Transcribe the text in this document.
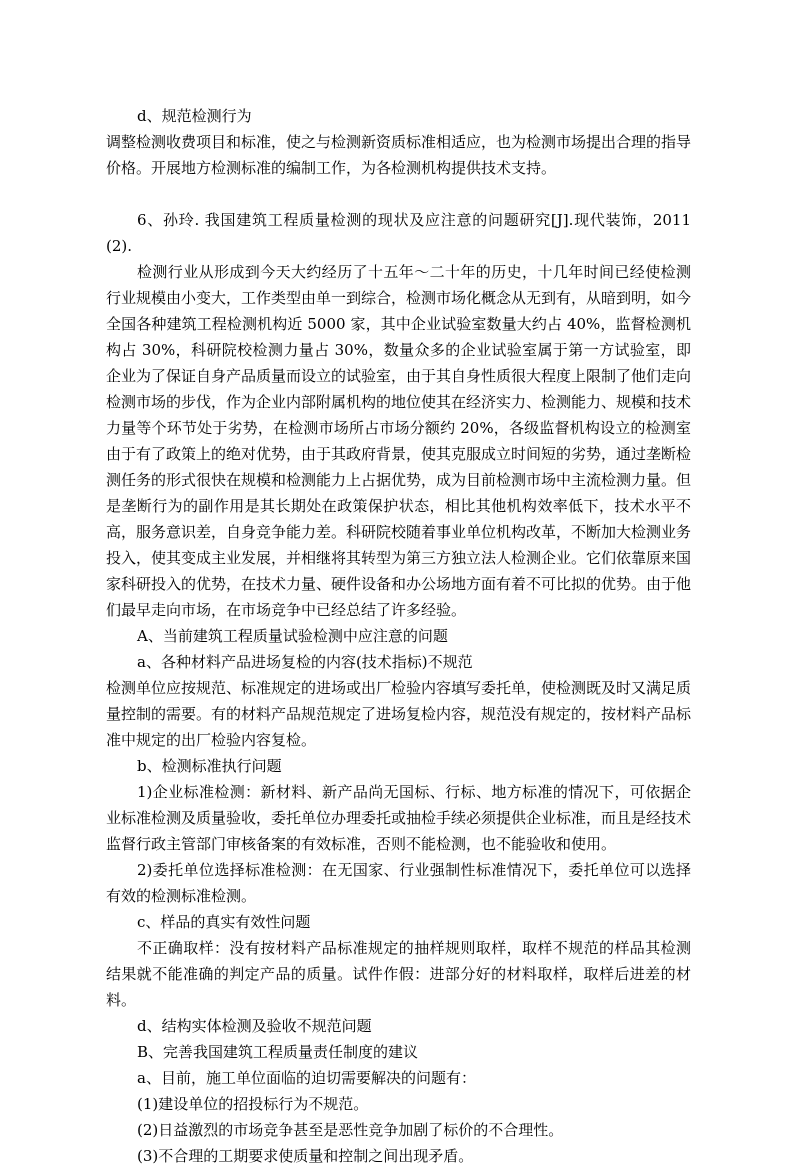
d、规范检测行为

调整检测收费项目和标准，使之与检测新资质标准相适应，也为检测市场提出合理的指导价格。开展地方检测标准的编制工作，为各检测机构提供技术支持。

6、孙玲. 我国建筑工程质量检测的现状及应注意的问题研究[J].现代装饰，2011(2).

检测行业从形成到今天大约经历了十五年～二十年的历史，十几年时间已经使检测行业规模由小变大，工作类型由单一到综合，检测市场化概念从无到有，从暗到明，如今全国各种建筑工程检测机构近 5000 家，其中企业试验室数量大约占 40%，监督检测机构占 30%，科研院校检测力量占 30%，数量众多的企业试验室属于第一方试验室，即企业为了保证自身产品质量而设立的试验室，由于其自身性质很大程度上限制了他们走向检测市场的步伐，作为企业内部附属机构的地位使其在经济实力、检测能力、规模和技术力量等个环节处于劣势，在检测市场所占市场分额约 20%，各级监督机构设立的检测室由于有了政策上的绝对优势，由于其政府背景，使其克服成立时间短的劣势，通过垄断检测任务的形式很快在规模和检测能力上占据优势，成为目前检测市场中主流检测力量。但是垄断行为的副作用是其长期处在政策保护状态，相比其他机构效率低下，技术水平不高，服务意识差，自身竞争能力差。科研院校随着事业单位机构改革，不断加大检测业务投入，使其变成主业发展，并相继将其转型为第三方独立法人检测企业。它们依靠原来国家科研投入的优势，在技术力量、硬件设备和办公场地方面有着不可比拟的优势。由于他们最早走向市场，在市场竞争中已经总结了许多经验。

A、当前建筑工程质量试验检测中应注意的问题

a、各种材料产品进场复检的内容(技术指标)不规范

检测单位应按规范、标准规定的进场或出厂检验内容填写委托单，使检测既及时又满足质量控制的需要。有的材料产品规范规定了进场复检内容，规范没有规定的，按材料产品标准中规定的出厂检验内容复检。

b、检测标准执行问题

1)企业标准检测：新材料、新产品尚无国标、行标、地方标准的情况下，可依据企业标准检测及质量验收，委托单位办理委托或抽检手续必须提供企业标准，而且是经技术监督行政主管部门审核备案的有效标准，否则不能检测，也不能验收和使用。

2)委托单位选择标准检测：在无国家、行业强制性标准情况下，委托单位可以选择有效的检测标准检测。

c、样品的真实有效性问题

不正确取样：没有按材料产品标准规定的抽样规则取样，取样不规范的样品其检测结果就不能准确的判定产品的质量。试件作假：进部分好的材料取样，取样后进差的材料。

d、结构实体检测及验收不规范问题

B、完善我国建筑工程质量责任制度的建议

a、目前，施工单位面临的迫切需要解决的问题有：

(1)建设单位的招投标行为不规范。

(2)日益激烈的市场竞争甚至是恶性竞争加剧了标价的不合理性。

(3)不合理的工期要求使质量和控制之间出现矛盾。
